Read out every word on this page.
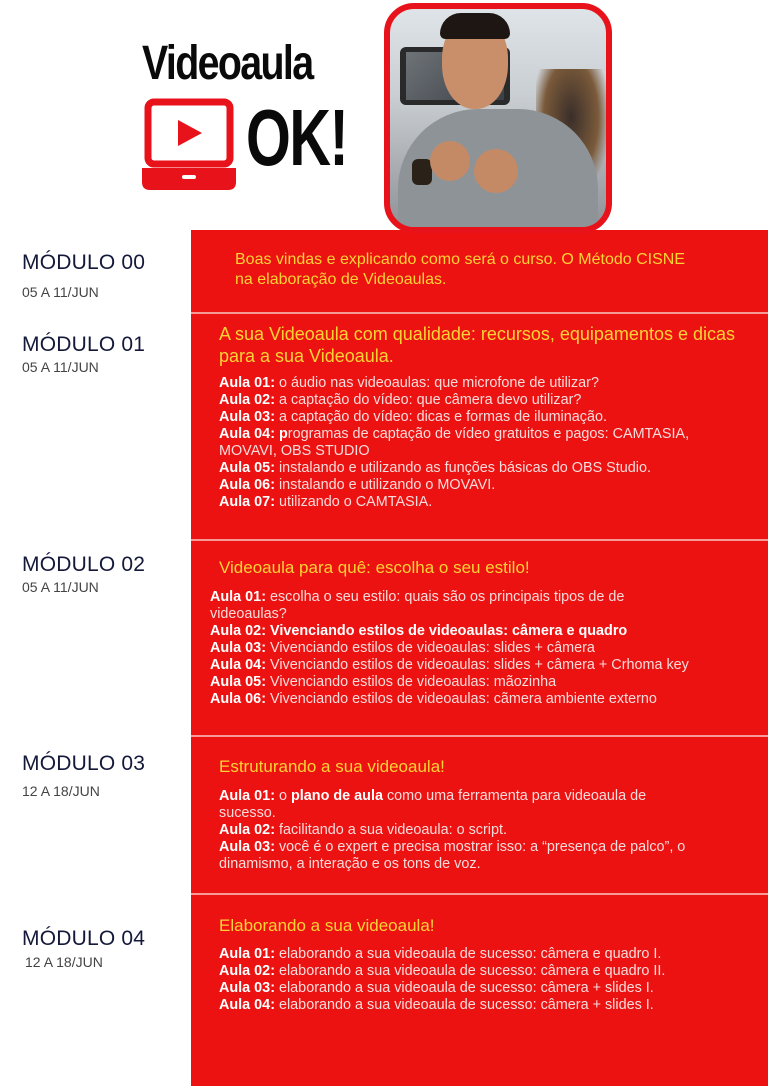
Videoaula
OK!
MÓDULO 00
05 A 11/JUN
MÓDULO 01
05 A 11/JUN
MÓDULO 02
05 A 11/JUN
MÓDULO 03
12 A 18/JUN
MÓDULO 04
12 A 18/JUN
Boas vindas e explicando como será o curso. O Método CISNE na elaboração de Videoaulas.
A sua Videoaula com qualidade: recursos, equipamentos e dicas para a sua Videoaula.
Aula 01: o áudio nas videoaulas: que microfone de utilizar?
Aula 02: a captação do vídeo: que câmera devo utilizar?
Aula 03: a captação do vídeo: dicas e formas de iluminação.
Aula 04: programas de captação de vídeo gratuitos e pagos: CAMTASIA, MOVAVI, OBS STUDIO
Aula 05: instalando e utilizando as funções básicas do OBS Studio.
Aula 06: instalando e utilizando o MOVAVI.
Aula 07: utilizando o CAMTASIA.
Videoaula para quê: escolha o seu estilo!
Aula 01: escolha o seu estilo: quais são os principais tipos de de videoaulas?
Aula 02: Vivenciando estilos de videoaulas: câmera e quadro
Aula 03: Vivenciando estilos de videoaulas: slides + câmera
Aula 04: Vivenciando estilos de videoaulas: slides + câmera + Crhoma key
Aula 05: Vivenciando estilos de videoaulas: mãozinha
Aula 06: Vivenciando estilos de videoaulas: cãmera ambiente externo
Estruturando a sua videoaula!
Aula 01: o plano de aula como uma ferramenta para videoaula de sucesso.
Aula 02: facilitando a sua videoaula: o script.
Aula 03: você é o expert e precisa mostrar isso: a “presença de palco”, o dinamismo, a interação e os tons de voz.
Elaborando a sua videoaula!
Aula 01: elaborando a sua videoaula de sucesso: câmera e quadro I.
Aula 02: elaborando a sua videoaula de sucesso: câmera e quadro II.
Aula 03: elaborando a sua videoaula de sucesso: câmera + slides I.
Aula 04: elaborando a sua videoaula de sucesso: câmera + slides I.
